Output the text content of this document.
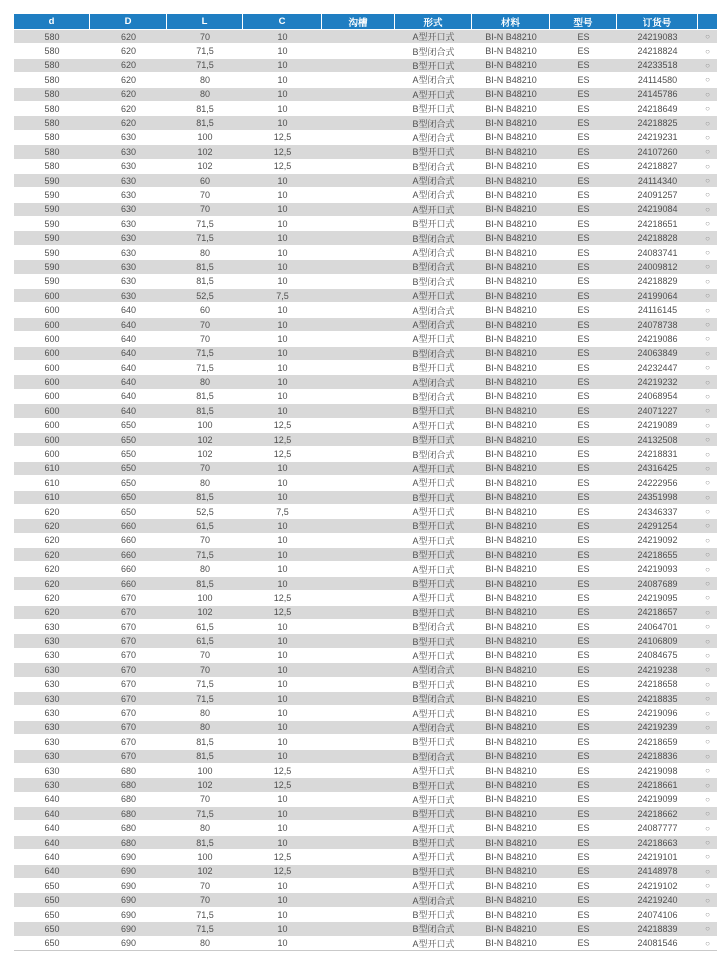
d	D	L	C	沟槽	形式	材料	型号	订货号	
580	620	70	10		A型开口式	BI-N B48210	ES	24219083	○
580	620	71,5	10		B型闭合式	BI-N B48210	ES	24218824	○
580	620	71,5	10		B型开口式	BI-N B48210	ES	24233518	○
580	620	80	10		A型闭合式	BI-N B48210	ES	24114580	○
580	620	80	10		A型开口式	BI-N B48210	ES	24145786	○
580	620	81,5	10		B型开口式	BI-N B48210	ES	24218649	○
580	620	81,5	10		B型闭合式	BI-N B48210	ES	24218825	○
580	630	100	12,5		A型闭合式	BI-N B48210	ES	24219231	○
580	630	102	12,5		B型开口式	BI-N B48210	ES	24107260	○
580	630	102	12,5		B型闭合式	BI-N B48210	ES	24218827	○
590	630	60	10		A型闭合式	BI-N B48210	ES	24114340	○
590	630	70	10		A型闭合式	BI-N B48210	ES	24091257	○
590	630	70	10		A型开口式	BI-N B48210	ES	24219084	○
590	630	71,5	10		B型开口式	BI-N B48210	ES	24218651	○
590	630	71,5	10		B型闭合式	BI-N B48210	ES	24218828	○
590	630	80	10		A型闭合式	BI-N B48210	ES	24083741	○
590	630	81,5	10		B型闭合式	BI-N B48210	ES	24009812	○
590	630	81,5	10		B型闭合式	BI-N B48210	ES	24218829	○
600	630	52,5	7,5		A型开口式	BI-N B48210	ES	24199064	○
600	640	60	10		A型闭合式	BI-N B48210	ES	24116145	○
600	640	70	10		A型闭合式	BI-N B48210	ES	24078738	○
600	640	70	10		A型开口式	BI-N B48210	ES	24219086	○
600	640	71,5	10		B型闭合式	BI-N B48210	ES	24063849	○
600	640	71,5	10		B型开口式	BI-N B48210	ES	24232447	○
600	640	80	10		A型闭合式	BI-N B48210	ES	24219232	○
600	640	81,5	10		B型闭合式	BI-N B48210	ES	24068954	○
600	640	81,5	10		B型开口式	BI-N B48210	ES	24071227	○
600	650	100	12,5		A型开口式	BI-N B48210	ES	24219089	○
600	650	102	12,5		B型开口式	BI-N B48210	ES	24132508	○
600	650	102	12,5		B型闭合式	BI-N B48210	ES	24218831	○
610	650	70	10		A型开口式	BI-N B48210	ES	24316425	○
610	650	80	10		A型开口式	BI-N B48210	ES	24222956	○
610	650	81,5	10		B型开口式	BI-N B48210	ES	24351998	○
620	650	52,5	7,5		A型开口式	BI-N B48210	ES	24346337	○
620	660	61,5	10		B型开口式	BI-N B48210	ES	24291254	○
620	660	70	10		A型开口式	BI-N B48210	ES	24219092	○
620	660	71,5	10		B型开口式	BI-N B48210	ES	24218655	○
620	660	80	10		A型开口式	BI-N B48210	ES	24219093	○
620	660	81,5	10		B型开口式	BI-N B48210	ES	24087689	○
620	670	100	12,5		A型开口式	BI-N B48210	ES	24219095	○
620	670	102	12,5		B型开口式	BI-N B48210	ES	24218657	○
630	670	61,5	10		B型闭合式	BI-N B48210	ES	24064701	○
630	670	61,5	10		B型开口式	BI-N B48210	ES	24106809	○
630	670	70	10		A型开口式	BI-N B48210	ES	24084675	○
630	670	70	10		A型闭合式	BI-N B48210	ES	24219238	○
630	670	71,5	10		B型开口式	BI-N B48210	ES	24218658	○
630	670	71,5	10		B型闭合式	BI-N B48210	ES	24218835	○
630	670	80	10		A型开口式	BI-N B48210	ES	24219096	○
630	670	80	10		A型闭合式	BI-N B48210	ES	24219239	○
630	670	81,5	10		B型开口式	BI-N B48210	ES	24218659	○
630	670	81,5	10		B型闭合式	BI-N B48210	ES	24218836	○
630	680	100	12,5		A型开口式	BI-N B48210	ES	24219098	○
630	680	102	12,5		B型开口式	BI-N B48210	ES	24218661	○
640	680	70	10		A型开口式	BI-N B48210	ES	24219099	○
640	680	71,5	10		B型开口式	BI-N B48210	ES	24218662	○
640	680	80	10		A型开口式	BI-N B48210	ES	24087777	○
640	680	81,5	10		B型开口式	BI-N B48210	ES	24218663	○
640	690	100	12,5		A型开口式	BI-N B48210	ES	24219101	○
640	690	102	12,5		B型开口式	BI-N B48210	ES	24148978	○
650	690	70	10		A型开口式	BI-N B48210	ES	24219102	○
650	690	70	10		A型闭合式	BI-N B48210	ES	24219240	○
650	690	71,5	10		B型开口式	BI-N B48210	ES	24074106	○
650	690	71,5	10		B型闭合式	BI-N B48210	ES	24218839	○
650	690	80	10		A型开口式	BI-N B48210	ES	24081546	○
